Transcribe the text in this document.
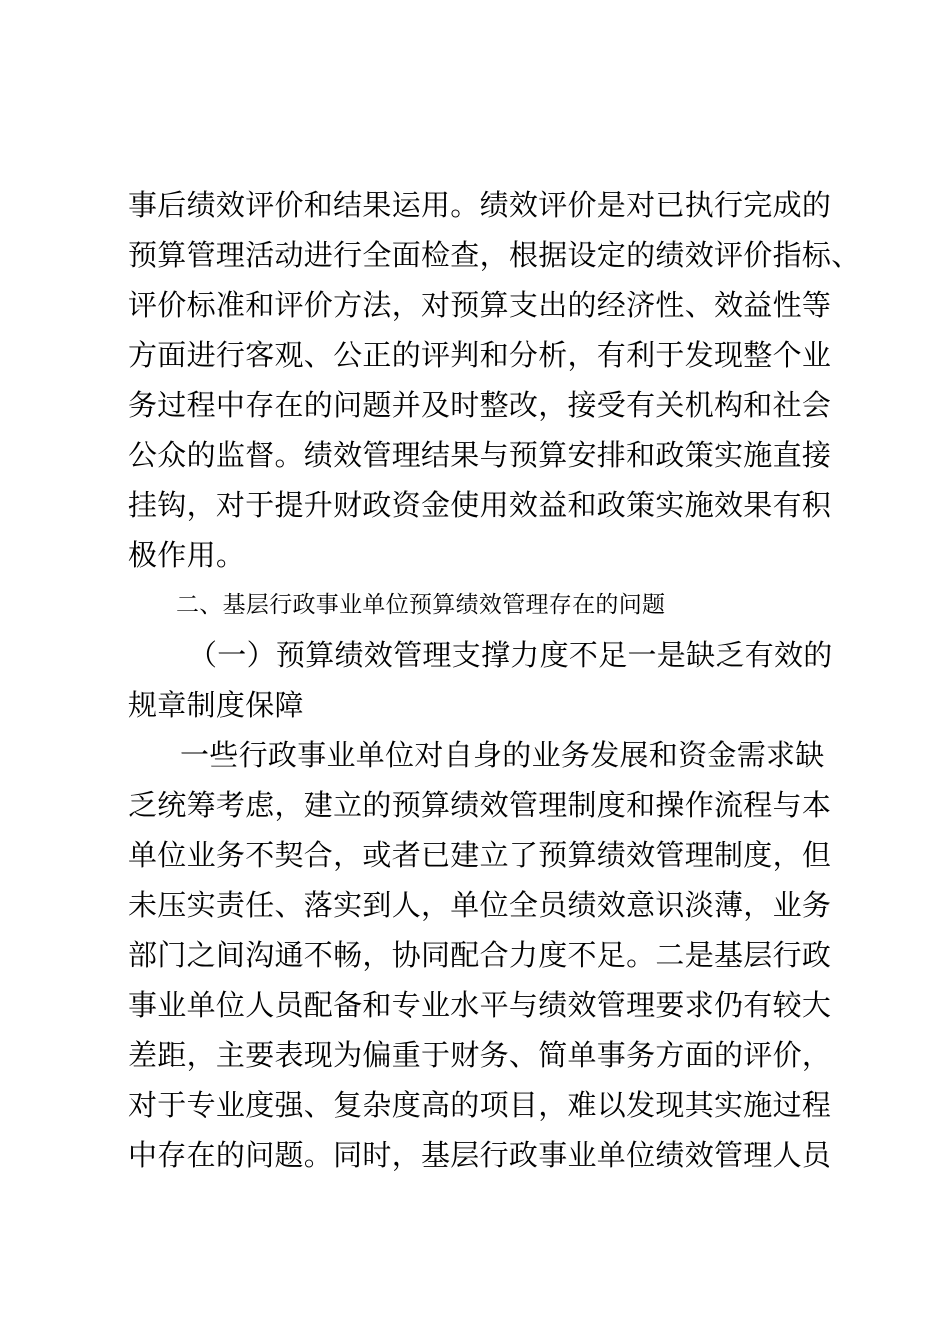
事后绩效评价和结果运用。绩效评价是对已执行完成的
预算管理活动进行全面检查，根据设定的绩效评价指标、
评价标准和评价方法，对预算支出的经济性、效益性等
方面进行客观、公正的评判和分析，有利于发现整个业
务过程中存在的问题并及时整改，接受有关机构和社会
公众的监督。绩效管理结果与预算安排和政策实施直接
挂钩，对于提升财政资金使用效益和政策实施效果有积
极作用。
二、基层行政事业单位预算绩效管理存在的问题
（一）预算绩效管理支撑力度不足一是缺乏有效的
规章制度保障
一些行政事业单位对自身的业务发展和资金需求缺
乏统筹考虑，建立的预算绩效管理制度和操作流程与本
单位业务不契合，或者已建立了预算绩效管理制度，但
未压实责任、落实到人，单位全员绩效意识淡薄，业务
部门之间沟通不畅，协同配合力度不足。二是基层行政
事业单位人员配备和专业水平与绩效管理要求仍有较大
差距，主要表现为偏重于财务、简单事务方面的评价，
对于专业度强、复杂度高的项目，难以发现其实施过程
中存在的问题。同时，基层行政事业单位绩效管理人员
